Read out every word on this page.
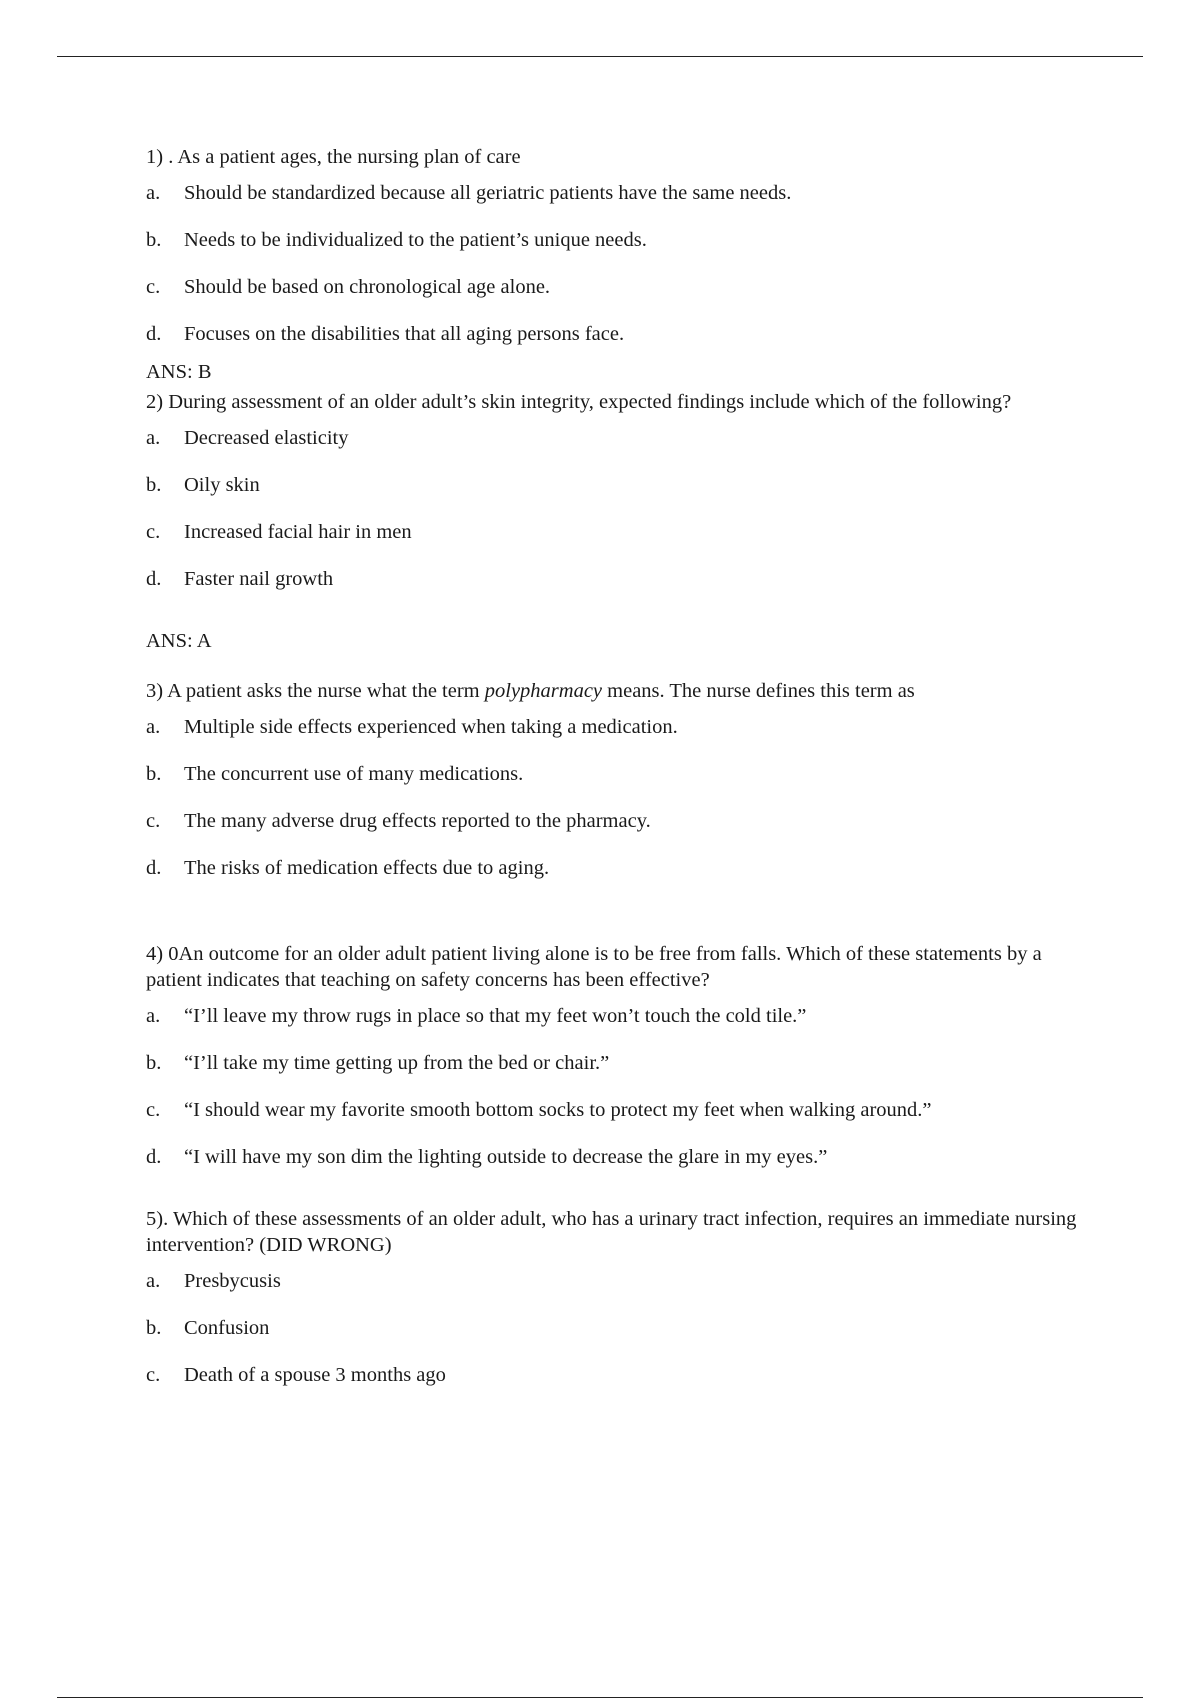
1) . As a patient ages, the nursing plan of care

a.	Should be standardized because all geriatric patients have the same needs.
b.	Needs to be individualized to the patient’s unique needs.
c.	Should be based on chronological age alone.
d.	Focuses on the disabilities that all aging persons face.

ANS: B

2) During assessment of an older adult’s skin integrity, expected findings include which of the following?

a.	Decreased elasticity
b.	Oily skin
c.	Increased facial hair in men
d.	Faster nail growth

ANS: A

3) A patient asks the nurse what the term polypharmacy means. The nurse defines this term as

a.	Multiple side effects experienced when taking a medication.
b.	The concurrent use of many medications.
c.	The many adverse drug effects reported to the pharmacy.
d.	The risks of medication effects due to aging.

4) 0An outcome for an older adult patient living alone is to be free from falls. Which of these statements by a patient indicates that teaching on safety concerns has been effective?

a.	“I’ll leave my throw rugs in place so that my feet won’t touch the cold tile.”
b.	“I’ll take my time getting up from the bed or chair.”
c.	“I should wear my favorite smooth bottom socks to protect my feet when walking around.”
d.	“I will have my son dim the lighting outside to decrease the glare in my eyes.”

5). Which of these assessments of an older adult, who has a urinary tract infection, requires an immediate nursing intervention? (DID WRONG)

a.	Presbycusis
b.	Confusion
c.	Death of a spouse 3 months ago
